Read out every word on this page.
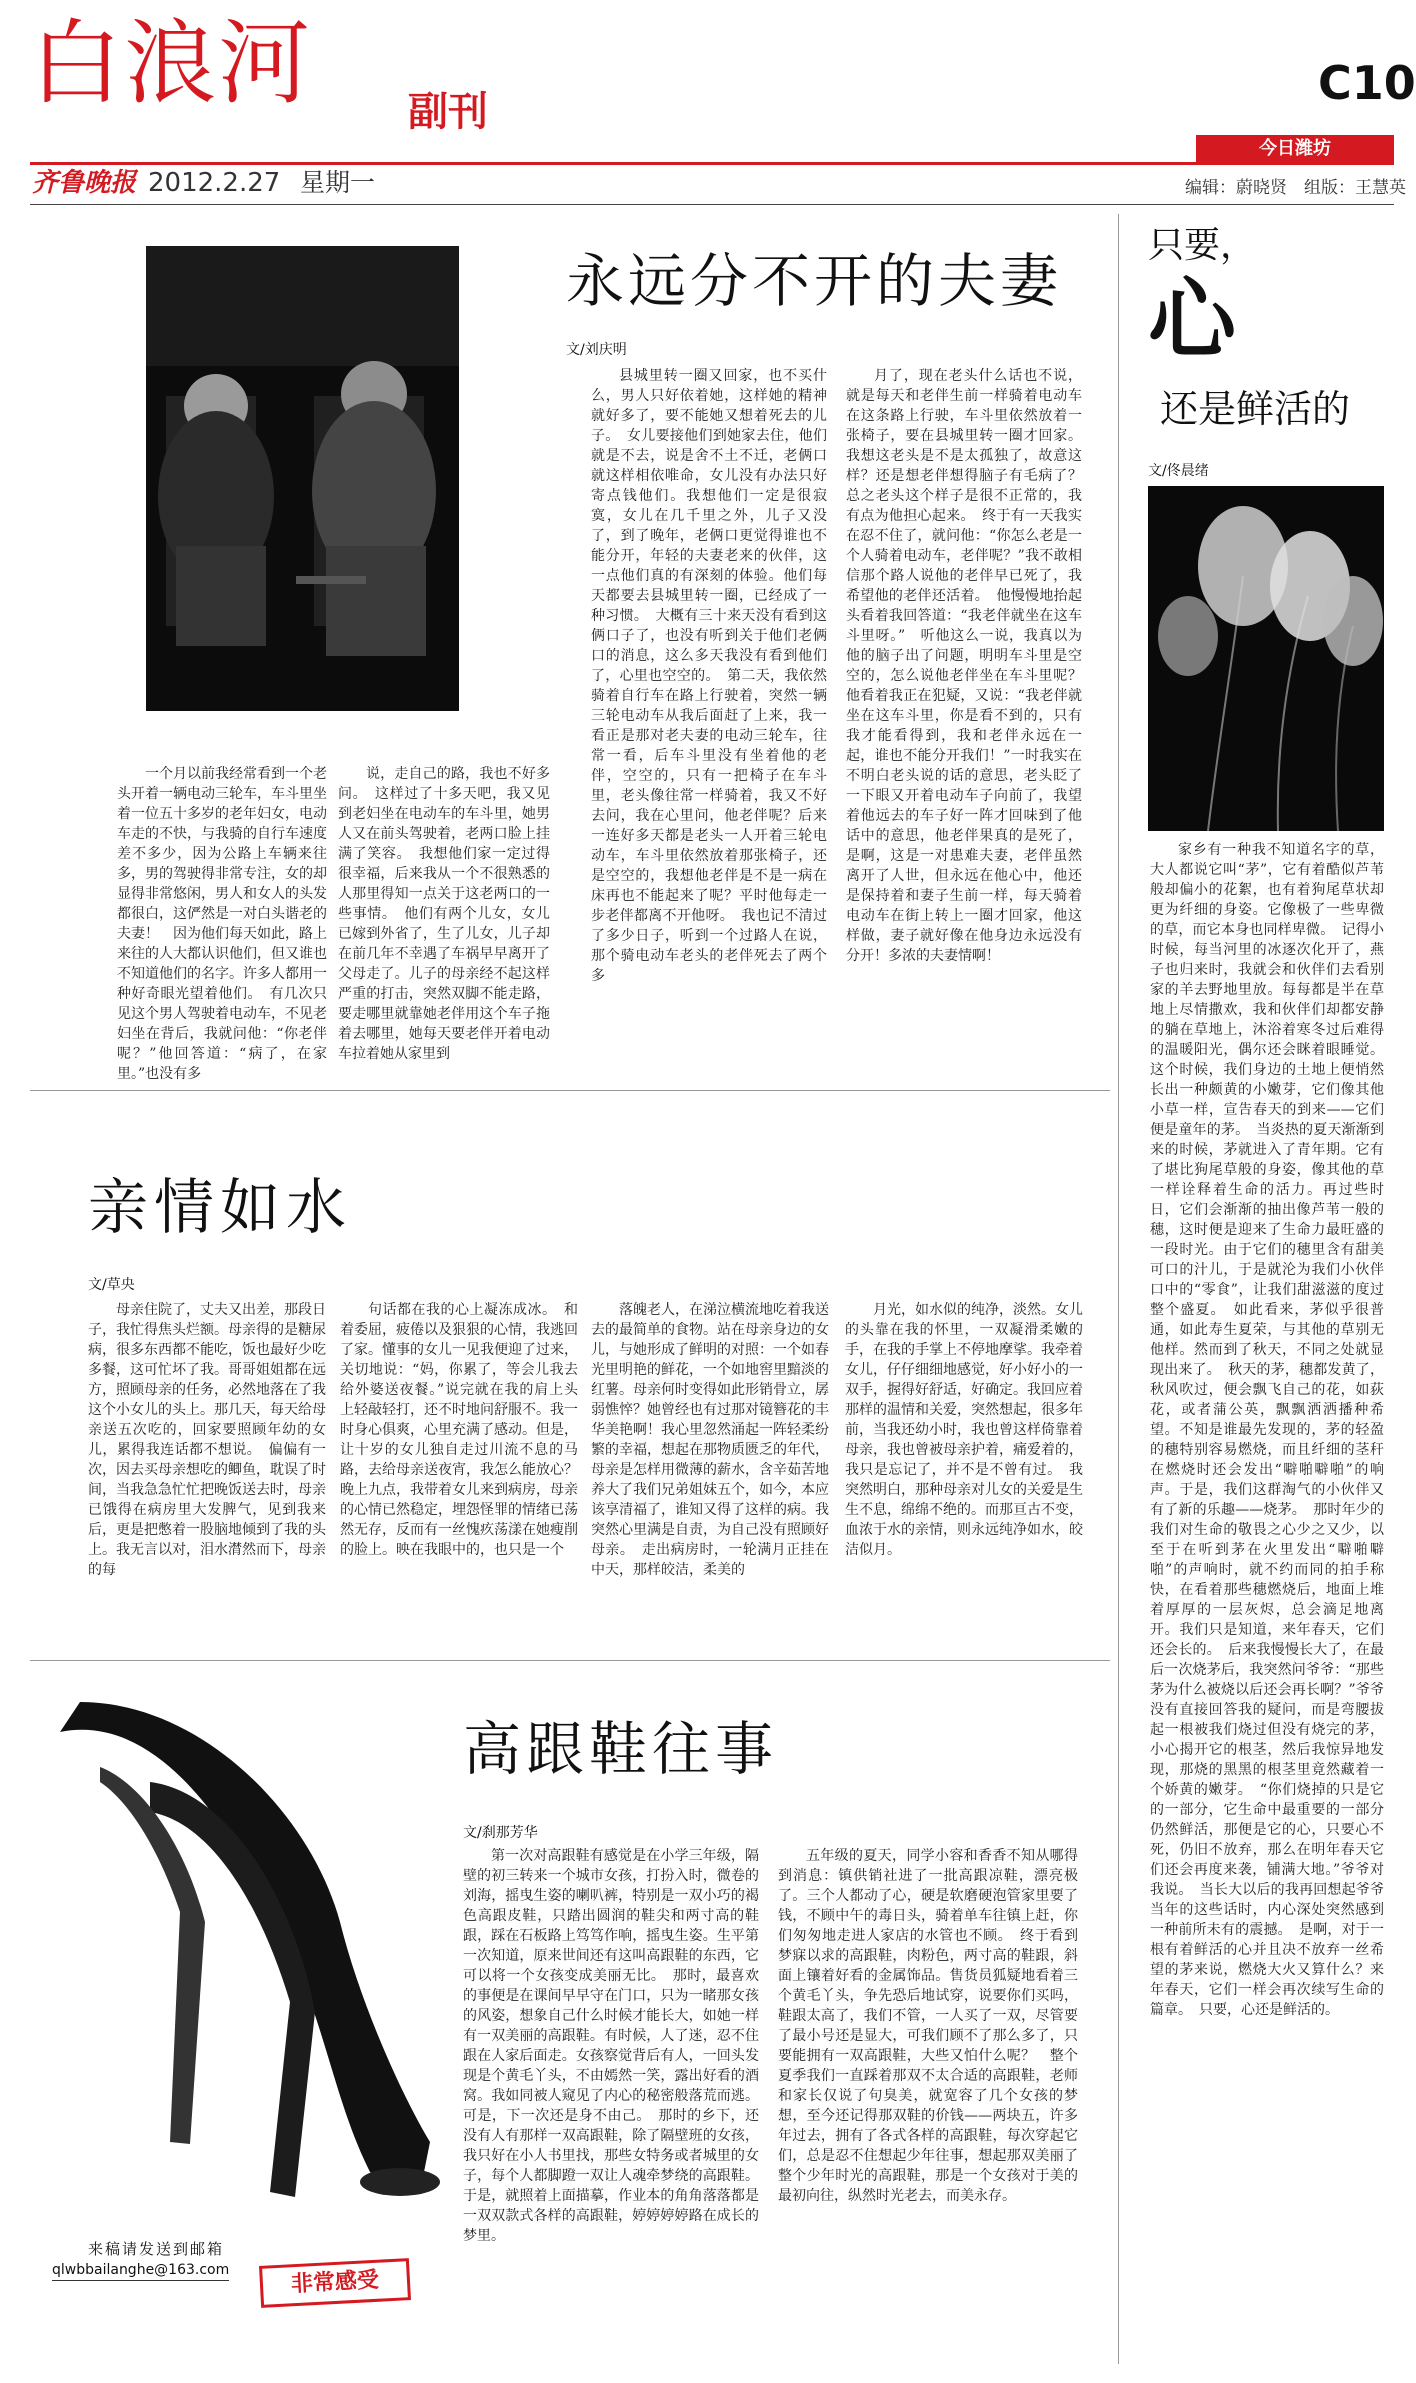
白浪河 副刊
C10
今日潍坊
齐鲁晚报 2012.2.27 星期一	编辑：蔚晓贤　组版：王慧英
永远分不开的夫妻
文/刘庆明

一个月以前我经常看到一个老头开着一辆电动三轮车，车斗里坐着一位五十多岁的老年妇女，电动车走的不快，与我骑的自行车速度差不多少，因为公路上车辆来往多，男的驾驶得非常专注，女的却显得非常悠闲，男人和女人的头发都很白，这俨然是一对白头谐老的夫妻！　因为他们每天如此，路上来往的人大都认识他们，但又谁也不知道他们的名字。许多人都用一种好奇眼光望着他们。　有几次只见这个男人驾驶着电动车，不见老妇坐在背后，我就问他：“你老伴呢？”他回答道：“病了，在家里。”也没有多

说，走自己的路，我也不好多问。　这样过了十多天吧，我又见到老妇坐在电动车的车斗里，她男人又在前头驾驶着，老两口脸上挂满了笑容。　我想他们家一定过得很幸福，后来我从一个不很熟悉的人那里得知一点关于这老两口的一些事情。　他们有两个儿女，女儿已嫁到外省了，生了儿女，儿子却在前几年不幸遇了车祸早早离开了父母走了。儿子的母亲经不起这样严重的打击，突然双脚不能走路，要走哪里就靠她老伴用这个车子拖着去哪里，她每天要老伴开着电动车拉着她从家里到

县城里转一圈又回家，也不买什么，男人只好依着她，这样她的精神就好多了，要不能她又想着死去的儿子。　女儿要接他们到她家去住，他们就是不去，说是舍不土不迁，老俩口就这样相依唯命，女儿没有办法只好寄点钱他们。我想他们一定是很寂寞，女儿在几千里之外，儿子又没了，到了晚年，老俩口更觉得谁也不能分开，年轻的夫妻老来的伙伴，这一点他们真的有深刻的体验。他们每天都要去县城里转一圈，已经成了一种习惯。　大概有三十来天没有看到这俩口子了，也没有听到关于他们老俩口的消息，这么多天我没有看到他们了，心里也空空的。　第二天，我依然骑着自行车在路上行驶着，突然一辆三轮电动车从我后面赶了上来，我一看正是那对老夫妻的电动三轮车，往常一看，后车斗里没有坐着他的老伴，空空的，只有一把椅子在车斗里，老头像往常一样骑着，我又不好去问，我在心里问，他老伴呢？后来一连好多天都是老头一人开着三轮电动车，车斗里依然放着那张椅子，还是空空的，我想他老伴是不是一病在床再也不能起来了呢？平时他每走一步老伴都离不开他呀。　我也记不清过了多少日子，听到一个过路人在说，那个骑电动车老头的老伴死去了两个多

月了，现在老头什么话也不说，就是每天和老伴生前一样骑着电动车在这条路上行驶，车斗里依然放着一张椅子，要在县城里转一圈才回家。我想这老头是不是太孤独了，故意这样？还是想老伴想得脑子有毛病了？总之老头这个样子是很不正常的，我有点为他担心起来。　终于有一天我实在忍不住了，就问他：“你怎么老是一个人骑着电动车，老伴呢？”我不敢相信那个路人说他的老伴早已死了，我希望他的老伴还活着。　他慢慢地抬起头看着我回答道：“我老伴就坐在这车斗里呀。”　听他这么一说，我真以为他的脑子出了问题，明明车斗里是空空的，怎么说他老伴坐在车斗里呢？他看着我正在犯疑，又说：“我老伴就坐在这车斗里，你是看不到的，只有我才能看得到，我和老伴永远在一起，谁也不能分开我们！”一时我实在不明白老头说的话的意思，老头眨了一下眼又开着电动车子向前了，我望着他远去的车子好一阵才回味到了他话中的意思，他老伴果真的是死了，是啊，这是一对患难夫妻，老伴虽然离开了人世，但永远在他心中，他还是保持着和妻子生前一样，每天骑着电动车在街上转上一圈才回家，他这样做，妻子就好像在他身边永远没有分开！多浓的夫妻情啊！

亲情如水
文/草央

母亲住院了，丈夫又出差，那段日子，我忙得焦头烂额。母亲得的是糖尿病，很多东西都不能吃，饭也最好少吃多餐，这可忙坏了我。哥哥姐姐都在远方，照顾母亲的任务，必然地落在了我这个小女儿的头上。那几天，每天给母亲送五次吃的，回家要照顾年幼的女儿，累得我连话都不想说。　偏偏有一次，因去买母亲想吃的鲫鱼，耽误了时间，当我急急忙忙把晚饭送去时，母亲已饿得在病房里大发脾气，见到我来后，更是把憋着一股脑地倾到了我的头上。我无言以对，泪水潸然而下，母亲的每

句话都在我的心上凝冻成冰。　和着委屈，疲倦以及狠狠的心情，我逃回了家。懂事的女儿一见我便迎了过来，关切地说：“妈，你累了，等会儿我去给外婆送夜餐。”说完就在我的肩上头上轻敲轻打，还不时地问舒服不。我一时身心俱爽，心里充满了感动。但是，让十岁的女儿独自走过川流不息的马路，去给母亲送夜宵，我怎么能放心？　晚上九点，我带着女儿来到病房，母亲的心情已然稳定，埋怨怪罪的情绪已荡然无存，反而有一丝愧疚荡漾在她瘦削的脸上。映在我眼中的，也只是一个

落魄老人，在涕泣横流地吃着我送去的最简单的食物。站在母亲身边的女儿，与她形成了鲜明的对照：一个如春光里明艳的鲜花，一个如地窖里黯淡的红薯。母亲何时变得如此形销骨立，孱弱憔悴？她曾经也有过那对镜簪花的丰华美艳啊！我心里忽然涌起一阵轻柔纷繁的幸福，想起在那物质匮乏的年代，母亲是怎样用微薄的薪水，含辛茹苦地养大了我们兄弟姐妹五个，如今，本应该享清福了，谁知又得了这样的病。我突然心里满是自责，为自己没有照顾好母亲。　走出病房时，一轮满月正挂在中天，那样皎洁，柔美的

月光，如水似的纯净，淡然。女儿的头靠在我的怀里，一双凝滑柔嫩的手，在我的手掌上不停地摩挲。我牵着女儿，仔仔细细地感觉，好小好小的一双手，握得好舒适，好确定。我回应着那样的温情和关爱，突然想起，很多年前，当我还幼小时，我也曾这样倚靠着母亲，我也曾被母亲护着，痛爱着的，我只是忘记了，并不是不曾有过。　我突然明白，那种母亲对儿女的关爱是生生不息，绵绵不绝的。而那亘古不变，血浓于水的亲情，则永远纯净如水，皎洁似月。

高跟鞋往事
文/刹那芳华

第一次对高跟鞋有感觉是在小学三年级，隔壁的初三转来一个城市女孩，打扮入时，微卷的刘海，摇曳生姿的喇叭裤，特别是一双小巧的褐色高跟皮鞋，只踏出圆润的鞋尖和两寸高的鞋跟，踩在石板路上笃笃作响，摇曳生姿。生平第一次知道，原来世间还有这叫高跟鞋的东西，它可以将一个女孩变成美丽无比。　那时，最喜欢的事便是在课间早早守在门口，只为一睹那女孩的风姿，想象自己什么时候才能长大，如她一样有一双美丽的高跟鞋。有时候，人了迷，忍不住跟在人家后面走。女孩察觉背后有人，一回头发现是个黄毛丫头，不由嫣然一笑，露出好看的酒窝。我如同被人窥见了内心的秘密般落荒而逃。可是，下一次还是身不由己。　那时的乡下，还没有人有那样一双高跟鞋，除了隔壁班的女孩，我只好在小人书里找，那些女特务或者城里的女子，每个人都脚蹬一双让人魂牵梦绕的高跟鞋。于是，就照着上面描摹，作业本的角角落落都是一双双款式各样的高跟鞋，婷婷婷婷路在成长的梦里。

五年级的夏天，同学小容和香香不知从哪得到消息：镇供销社进了一批高跟凉鞋，漂亮极了。三个人都动了心，硬是软磨硬泡管家里要了钱，不顾中午的毒日头，骑着单车往镇上赶，你们匆匆地走进人家店的水管也不顾。　终于看到梦寐以求的高跟鞋，肉粉色，两寸高的鞋跟，斜面上镶着好看的金属饰品。售货员狐疑地看着三个黄毛丫头，争先恐后地试穿，说要你们买吗，鞋跟太高了，我们不管，一人买了一双，尽管要了最小号还是显大，可我们顾不了那么多了，只要能拥有一双高跟鞋，大些又怕什么呢？　整个夏季我们一直踩着那双不太合适的高跟鞋，老师和家长仅说了句臭美，就宽容了几个女孩的梦想，至今还记得那双鞋的价钱——两块五，许多年过去，拥有了各式各样的高跟鞋，每次穿起它们，总是忍不住想起少年往事，想起那双美丽了整个少年时光的高跟鞋，那是一个女孩对于美的最初向往，纵然时光老去，而美永存。

来稿请发送到邮箱
qlwbbailanghe@163.com	非常感受
只要，
心
还是鲜活的
文/佟晨绪

家乡有一种我不知道名字的草，大人都说它叫“茅”，它有着酷似芦苇般却偏小的花絮，也有着狗尾草状却更为纤细的身姿。它像极了一些卑微的草，而它本身也同样卑微。　记得小时候，每当河里的冰逐次化开了，燕子也归来时，我就会和伙伴们去看别家的羊去野地里放。每每都是半在草地上尽情撒欢，我和伙伴们却都安静的躺在草地上，沐浴着寒冬过后难得的温暖阳光，偶尔还会眯着眼睡觉。这个时候，我们身边的土地上便悄然长出一种颇黄的小嫩芽，它们像其他小草一样，宣告春天的到来——它们便是童年的茅。　当炎热的夏天渐渐到来的时候，茅就进入了青年期。它有了堪比狗尾草般的身姿，像其他的草一样诠释着生命的活力。再过些时日，它们会渐渐的抽出像芦苇一般的穗，这时便是迎来了生命力最旺盛的一段时光。由于它们的穗里含有甜美可口的汁儿，于是就沦为我们小伙伴口中的“零食”，让我们甜滋滋的度过整个盛夏。　如此看来，茅似乎很普通，如此寿生夏荣，与其他的草别无他样。然而到了秋天，不同之处就显现出来了。　秋天的茅，穗都发黄了，秋风吹过，便会飘飞自己的花，如荻花，或者蒲公英，飘飘洒洒播种希望。不知是谁最先发现的，茅的轻盈的穗特别容易燃烧，而且纤细的茎秆在燃烧时还会发出“噼啪噼啪”的响声。于是，我们这群淘气的小伙伴又有了新的乐趣——烧茅。　那时年少的我们对生命的敬畏之心少之又少，以至于在听到茅在火里发出“噼啪噼啪”的声响时，就不约而同的拍手称快，在看着那些穗燃烧后，地面上堆着厚厚的一层灰烬，总会滴足地离开。我们只是知道，来年春天，它们还会长的。　后来我慢慢长大了，在最后一次烧茅后，我突然问爷爷：“那些茅为什么被烧以后还会再长啊？”爷爷没有直接回答我的疑问，而是弯腰拔起一根被我们烧过但没有烧完的茅，小心揭开它的根茎，然后我惊异地发现，那烧的黑黑的根茎里竟然藏着一个娇黄的嫩芽。　“你们烧掉的只是它的一部分，它生命中最重要的一部分仍然鲜活，那便是它的心，只要心不死，仍旧不放弃，那么在明年春天它们还会再度来袭，铺满大地。”爷爷对我说。　当长大以后的我再回想起爷爷当年的这些话时，内心深处突然感到一种前所未有的震撼。　是啊，对于一根有着鲜活的心并且决不放弃一丝希望的茅来说，燃烧大火又算什么？来年春天，它们一样会再次续写生命的篇章。　只要，心还是鲜活的。
